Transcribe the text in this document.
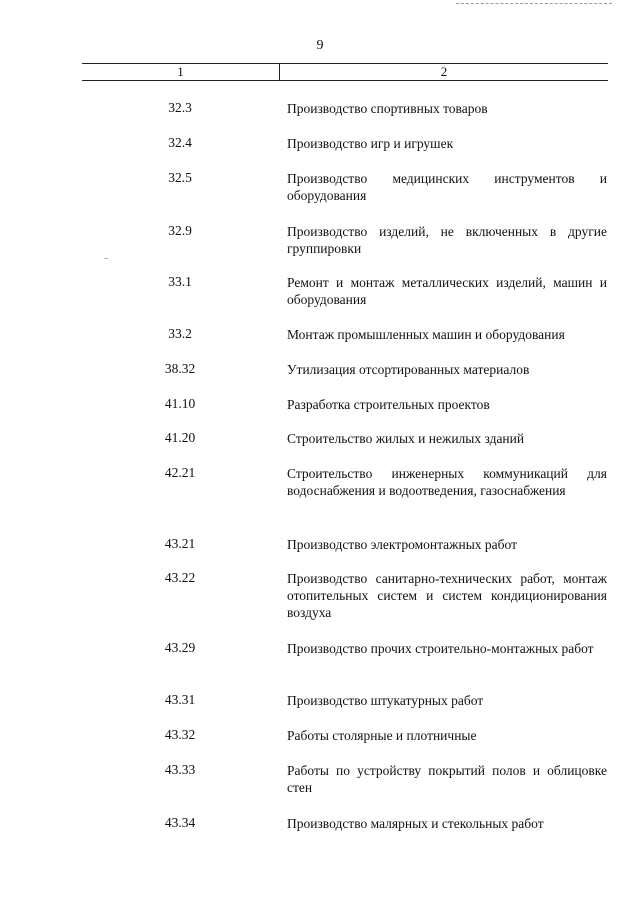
9
1	2
32.3	Производство спортивных товаров
32.4	Производство игр и игрушек
32.5	Производство медицинских инструментов и оборудования
32.9	Производство изделий, не включенных в другие группировки
33.1	Ремонт и монтаж металлических изделий, машин и оборудования
33.2	Монтаж промышленных машин и оборудования
38.32	Утилизация отсортированных материалов
41.10	Разработка строительных проектов
41.20	Строительство жилых и нежилых зданий
42.21	Строительство инженерных коммуникаций для водоснабжения и водоотведения, газоснабжения
43.21	Производство электромонтажных работ
43.22	Производство санитарно-технических работ, монтаж отопительных систем и систем кондиционирования воздуха
43.29	Производство прочих строительно-монтажных работ
43.31	Производство штукатурных работ
43.32	Работы столярные и плотничные
43.33	Работы по устройству покрытий полов и облицовке стен
43.34	Производство малярных и стекольных работ
